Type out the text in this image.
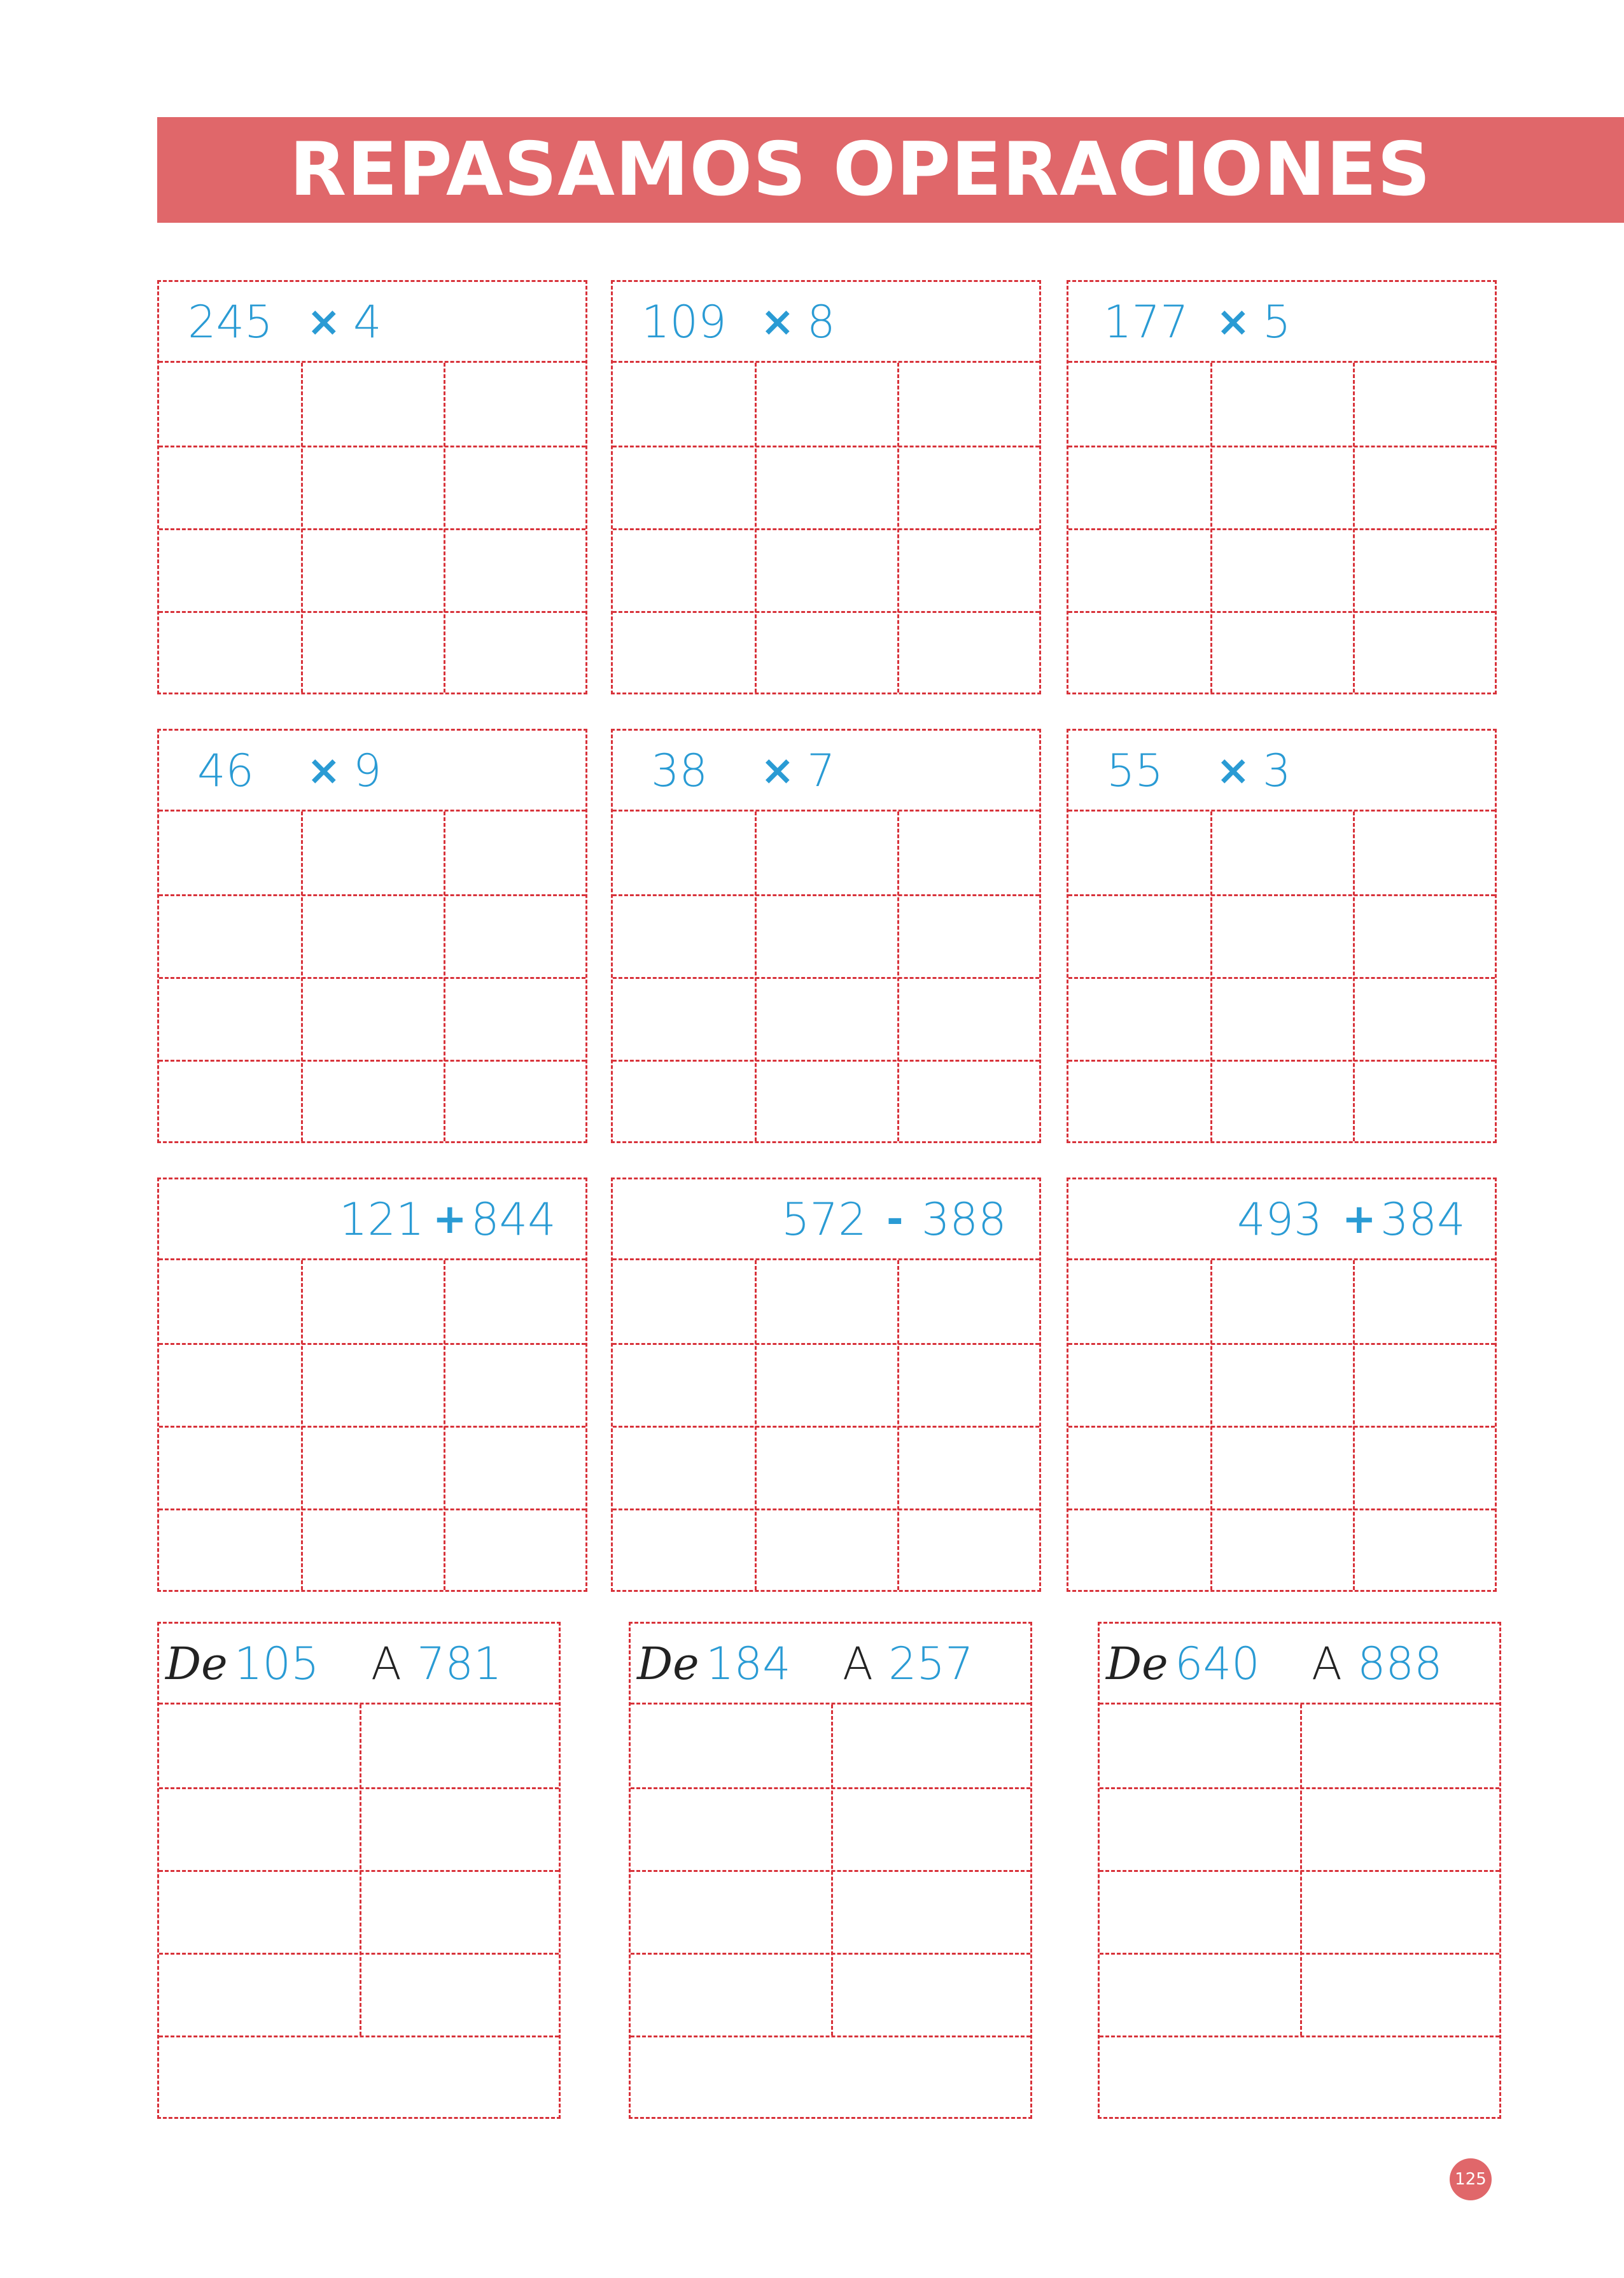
REPASAMOS OPERACIONES
245 × 4	109 × 8	177 × 5
46 × 9	38 × 7	55 × 3
121 + 844	572 - 388	493 + 384
De 105 A 781	De 184 A 257	De 640 A 888
125
